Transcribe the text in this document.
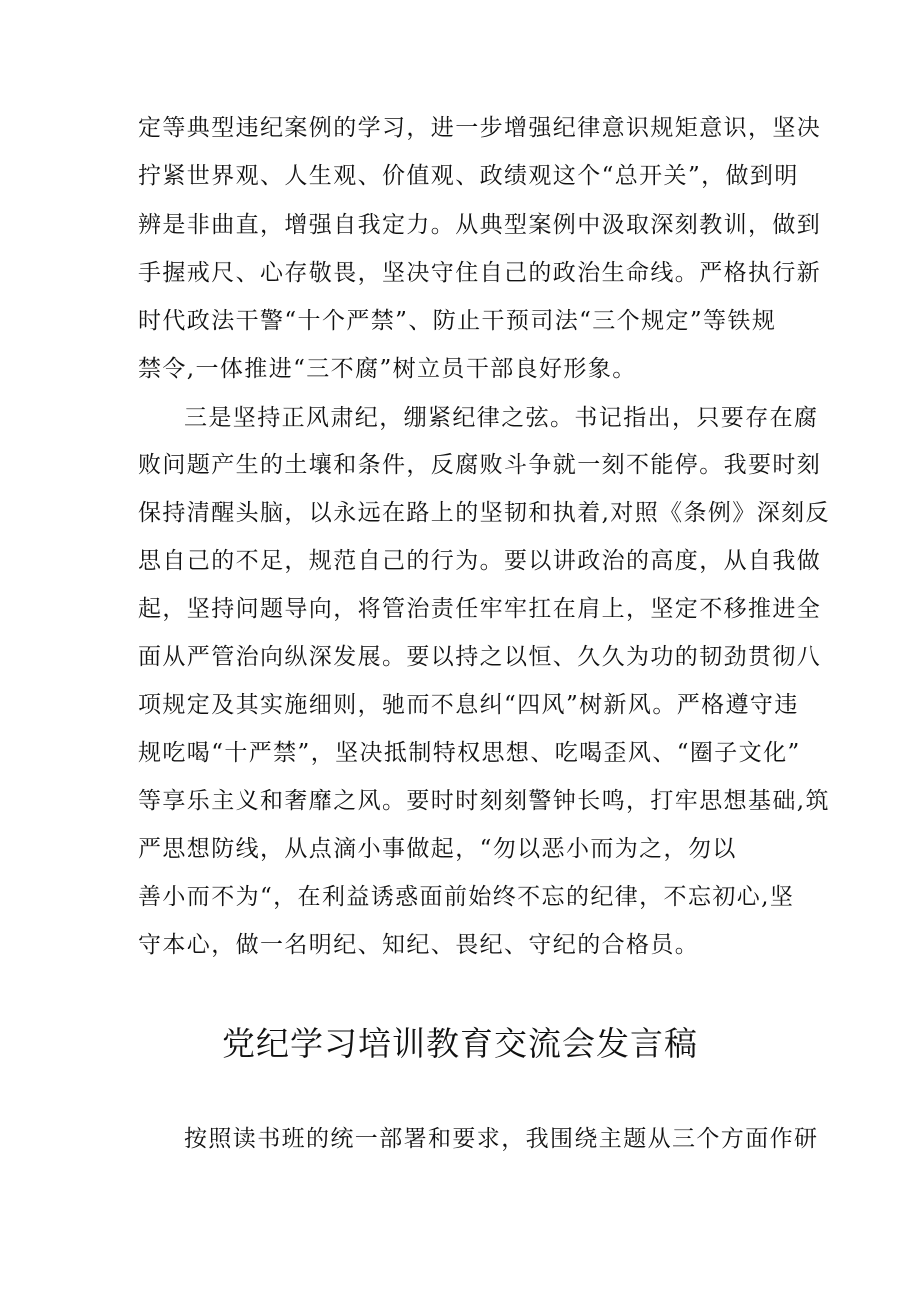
定等典型违纪案例的学习，进一步增强纪律意识规矩意识，坚决
拧紧世界观、人生观、价值观、政绩观这个“总开关”，做到明
辨是非曲直，增强自我定力。从典型案例中汲取深刻教训，做到
手握戒尺、心存敬畏，坚决守住自己的政治生命线。严格执行新
时代政法干警“十个严禁”、防止干预司法“三个规定”等铁规
禁令,一体推进“三不腐”树立员干部良好形象。
三是坚持正风肃纪，绷紧纪律之弦。书记指出，只要存在腐
败问题产生的土壤和条件，反腐败斗争就一刻不能停。我要时刻
保持清醒头脑，以永远在路上的坚韧和执着,对照《条例》深刻反
思自己的不足，规范自己的行为。要以讲政治的高度，从自我做
起，坚持问题导向，将管治责任牢牢扛在肩上，坚定不移推进全
面从严管治向纵深发展。要以持之以恒、久久为功的韧劲贯彻八
项规定及其实施细则，驰而不息纠“四风”树新风。严格遵守违
规吃喝“十严禁”，坚决抵制特权思想、吃喝歪风、“圈子文化”
等享乐主义和奢靡之风。要时时刻刻警钟长鸣，打牢思想基础,筑
严思想防线，从点滴小事做起，“勿以恶小而为之，勿以
善小而不为“，在利益诱惑面前始终不忘的纪律，不忘初心,坚
守本心，做一名明纪、知纪、畏纪、守纪的合格员。
党纪学习培训教育交流会发言稿
按照读书班的统一部署和要求，我围绕主题从三个方面作研
